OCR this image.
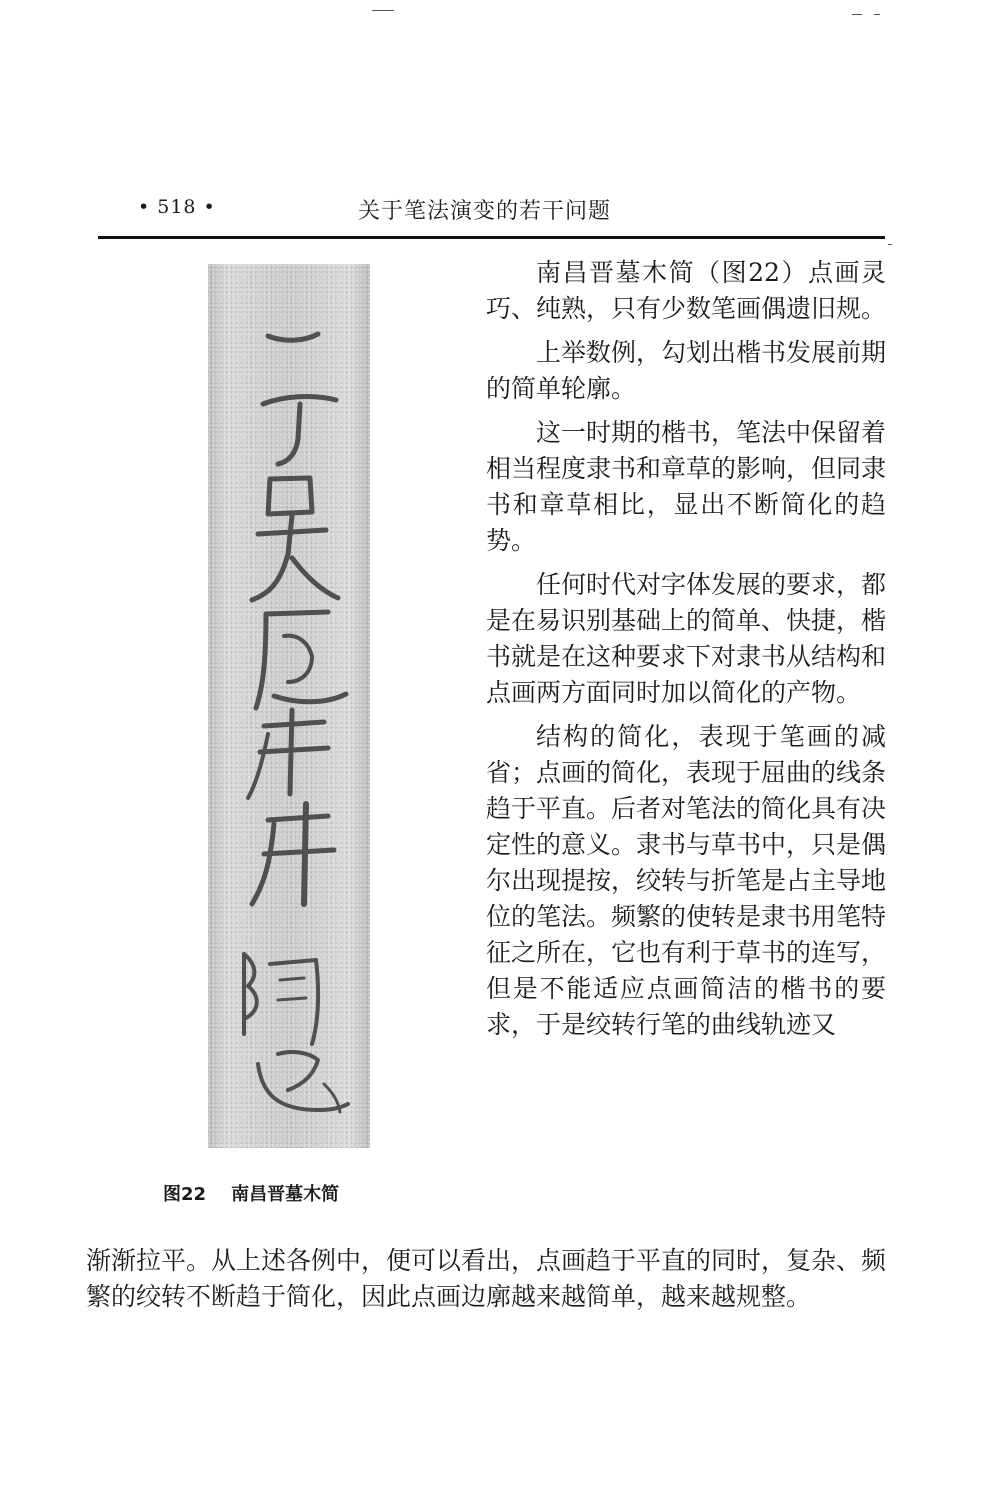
• 518 •	关于笔法演变的若干问题
图22    南昌晋墓木简

南昌晋墓木简（图22）点画灵巧、纯熟，只有少数笔画偶遗旧规。

上举数例，勾划出楷书发展前期的简单轮廓。

这一时期的楷书，笔法中保留着相当程度隶书和章草的影响，但同隶书和章草相比，显出不断简化的趋势。

任何时代对字体发展的要求，都是在易识别基础上的简单、快捷，楷书就是在这种要求下对隶书从结构和点画两方面同时加以简化的产物。

结构的简化，表现于笔画的减省；点画的简化，表现于屈曲的线条趋于平直。后者对笔法的简化具有决定性的意义。隶书与草书中，只是偶尔出现提按，绞转与折笔是占主导地位的笔法。频繁的使转是隶书用笔特征之所在，它也有利于草书的连写，但是不能适应点画简洁的楷书的要求，于是绞转行笔的曲线轨迹又

渐渐拉平。从上述各例中，便可以看出，点画趋于平直的同时，复杂、频繁的绞转不断趋于简化，因此点画边廓越来越简单，越来越规整。
